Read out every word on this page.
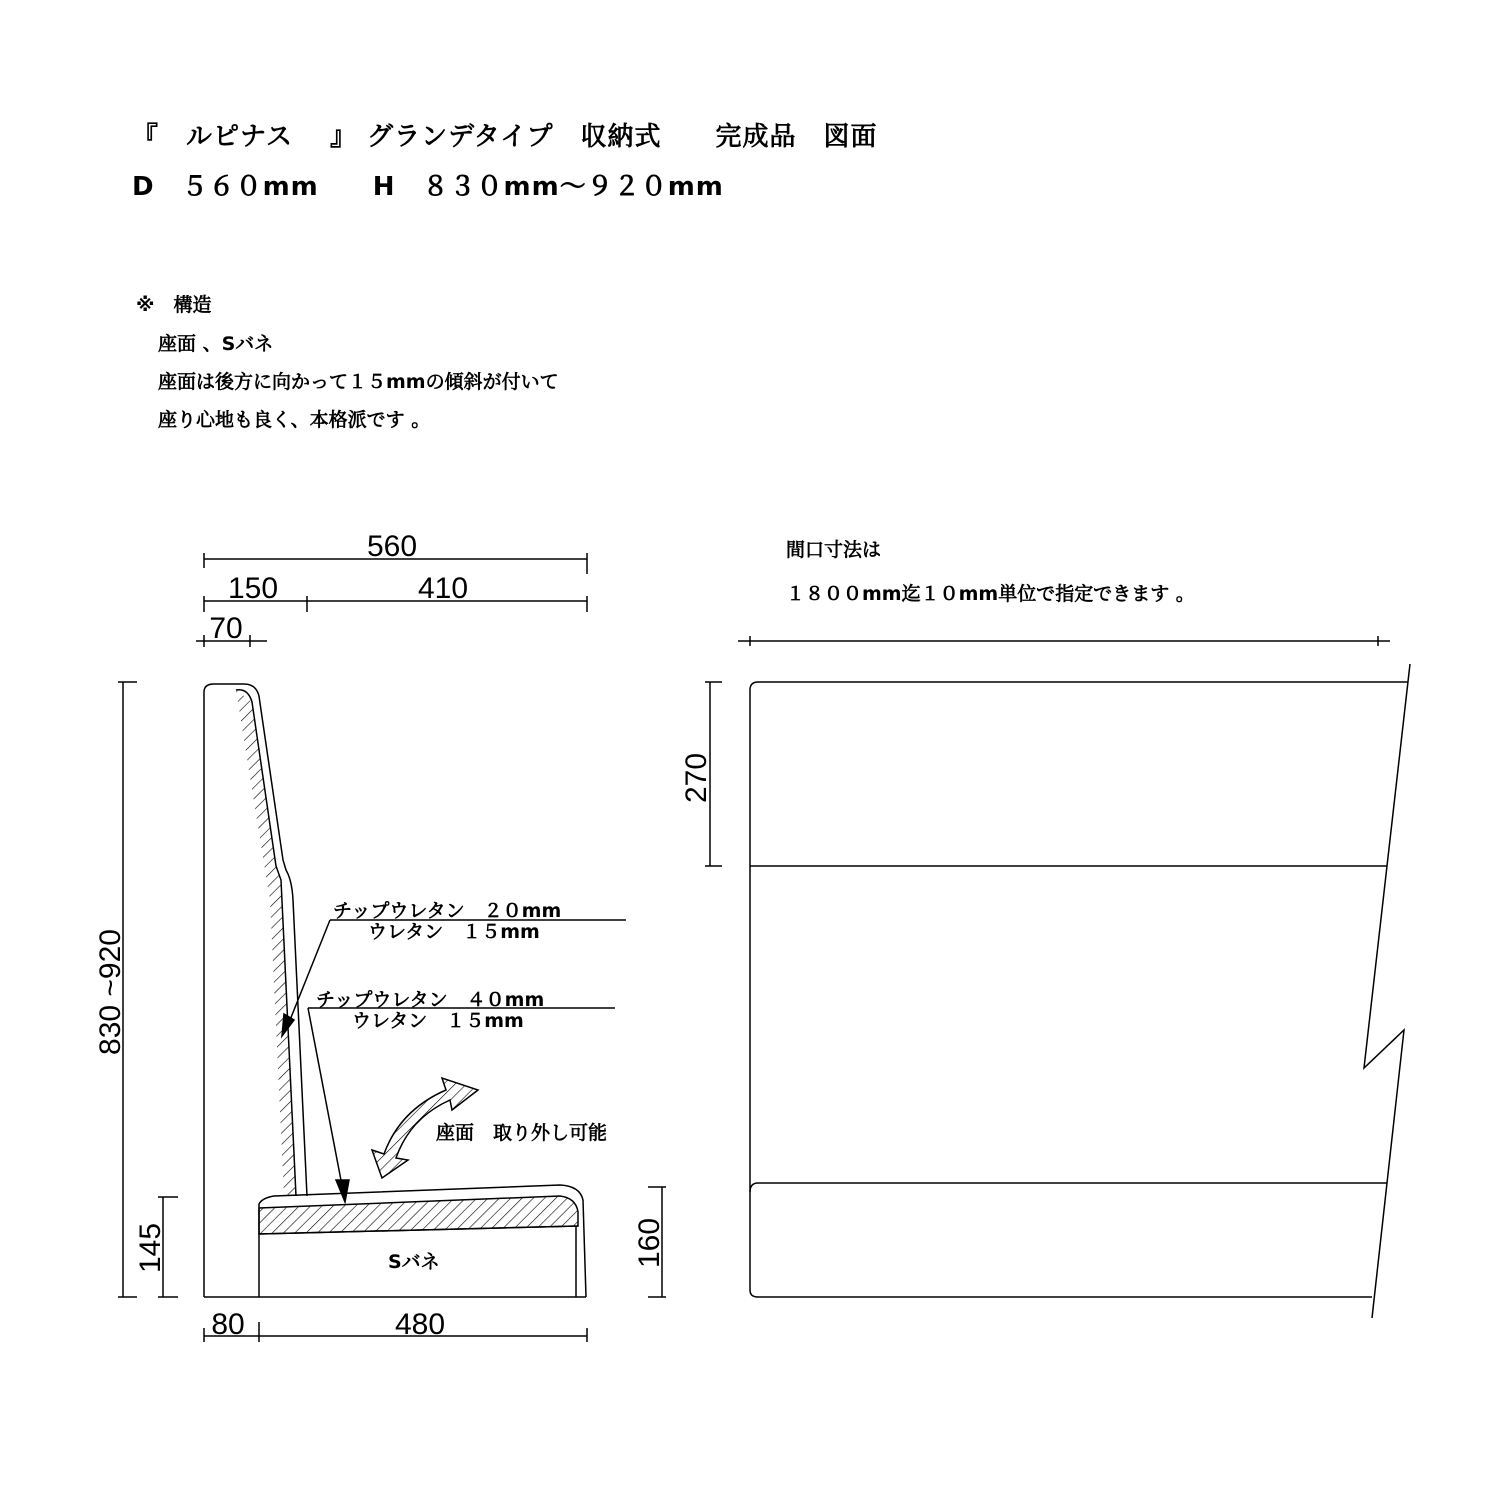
『　ルピナス　 』 グランデタイプ　収納式　　完成品　図面
D　５６０mm　　H　８３０mm～９２０mm
※　構造
座面 、Sバネ
座面は後方に向かって１５mmの傾斜が付いて
座り心地も良く、本格派です 。
間口寸法は
１８００mm迄１０mm単位で指定できます 。
560
150	410
70
830 ~920
145	160
80	480
270
チップウレタン　２０mm
ウレタン　１５mm
チップウレタン　４０mm
ウレタン　１５mm
座面　取り外し可能
Sバネ
